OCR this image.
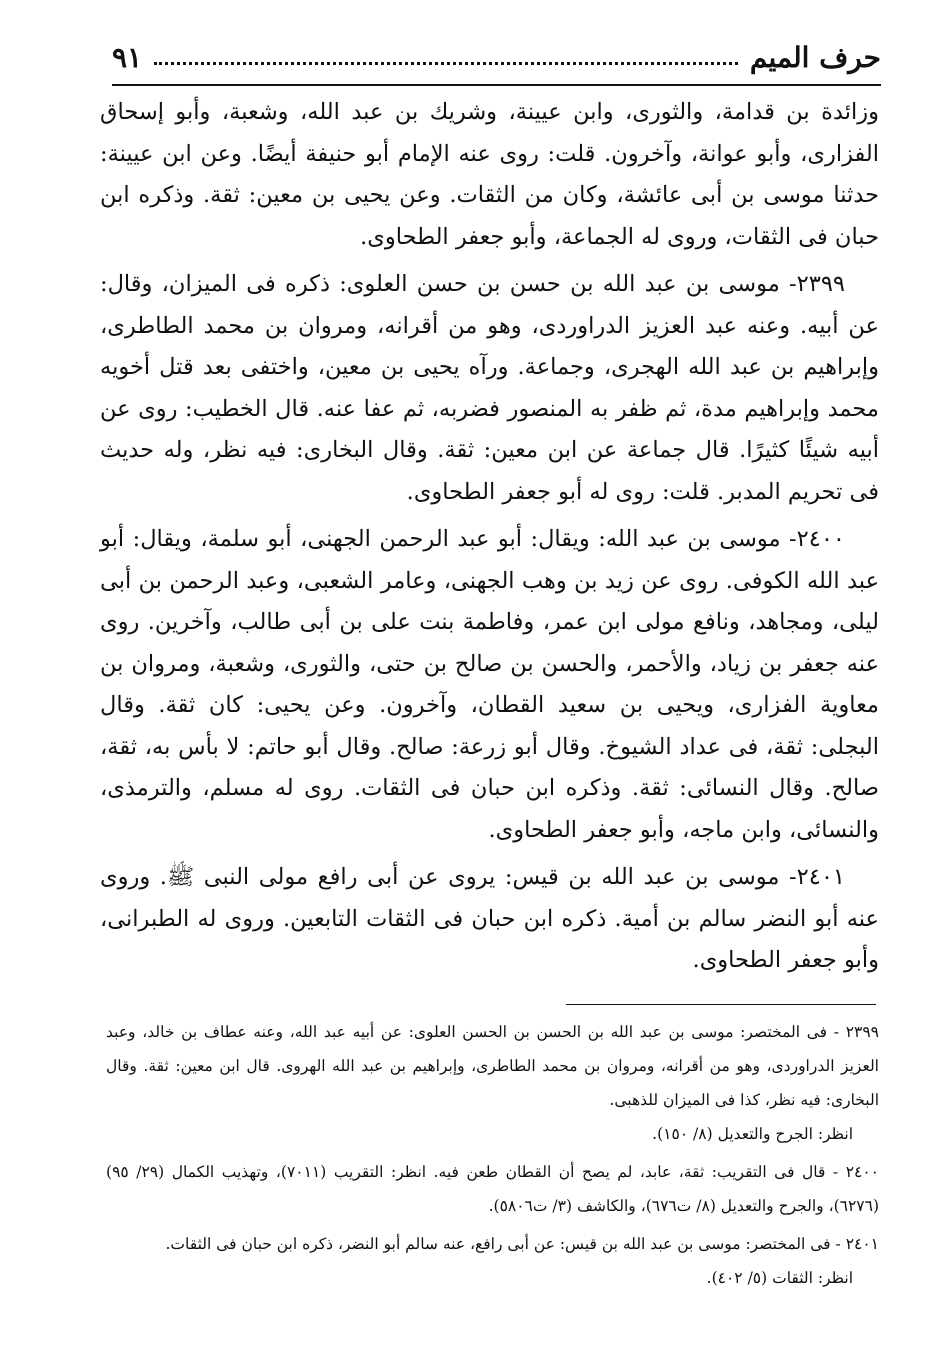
حرف الميم
٩١

وزائدة بن قدامة، والثورى، وابن عيينة، وشريك بن عبد الله، وشعبة، وأبو إسحاق الفزارى، وأبو عوانة، وآخرون. قلت: روى عنه الإمام أبو حنيفة أيضًا. وعن ابن عيينة: حدثنا موسى بن أبى عائشة، وكان من الثقات. وعن يحيى بن معين: ثقة. وذكره ابن حبان فى الثقات، وروى له الجماعة، وأبو جعفر الطحاوى.

٢٣٩٩- موسى بن عبد الله بن حسن بن حسن العلوى: ذكره فى الميزان، وقال: عن أبيه. وعنه عبد العزيز الدراوردى، وهو من أقرانه، ومروان بن محمد الطاطرى، وإبراهيم بن عبد الله الهجرى، وجماعة. ورآه يحيى بن معين، واختفى بعد قتل أخويه محمد وإبراهيم مدة، ثم ظفر به المنصور فضربه، ثم عفا عنه. قال الخطيب: روى عن أبيه شيئًا كثيرًا. قال جماعة عن ابن معين: ثقة. وقال البخارى: فيه نظر، وله حديث فى تحريم المدبر. قلت: روى له أبو جعفر الطحاوى.

٢٤٠٠- موسى بن عبد الله: ويقال: أبو عبد الرحمن الجهنى، أبو سلمة، ويقال: أبو عبد الله الكوفى. روى عن زيد بن وهب الجهنى، وعامر الشعبى، وعبد الرحمن بن أبى ليلى، ومجاهد، ونافع مولى ابن عمر، وفاطمة بنت على بن أبى طالب، وآخرين. روى عنه جعفر بن زياد، والأحمر، والحسن بن صالح بن حتى، والثورى، وشعبة، ومروان بن معاوية الفزارى، ويحيى بن سعيد القطان، وآخرون. وعن يحيى: كان ثقة. وقال البجلى: ثقة، فى عداد الشيوخ. وقال أبو زرعة: صالح. وقال أبو حاتم: لا بأس به، ثقة، صالح. وقال النسائى: ثقة. وذكره ابن حبان فى الثقات. روى له مسلم، والترمذى، والنسائى، وابن ماجه، وأبو جعفر الطحاوى.

٢٤٠١- موسى بن عبد الله بن قيس: يروى عن أبى رافع مولى النبى ﷺ. وروى عنه أبو النضر سالم بن أمية. ذكره ابن حبان فى الثقات التابعين. وروى له الطبرانى، وأبو جعفر الطحاوى.

٢٣٩٩ - فى المختصر: موسى بن عبد الله بن الحسن بن الحسن العلوى: عن أبيه عبد الله، وعنه عطاف بن خالد، وعبد العزيز الدراوردى، وهو من أقرانه، ومروان بن محمد الطاطرى، وإبراهيم بن عبد الله الهروى. قال ابن معين: ثقة. وقال البخارى: فيه نظر، كذا فى الميزان للذهبى.

انظر: الجرح والتعديل (٨/ ١٥٠).

٢٤٠٠ - قال فى التقريب: ثقة، عابد، لم يصح أن القطان طعن فيه. انظر: التقريب (٧٠١١)، وتهذيب الكمال (٢٩/ ٩٥) (٦٢٧٦)، والجرح والتعديل (٨/ ت٦٧٦)، والكاشف (٣/ ت٥٨٠٦).

٢٤٠١ - فى المختصر: موسى بن عبد الله بن قيس: عن أبى رافع، عنه سالم أبو النضر، ذكره ابن حبان فى الثقات.

انظر: الثقات (٥/ ٤٠٢).
